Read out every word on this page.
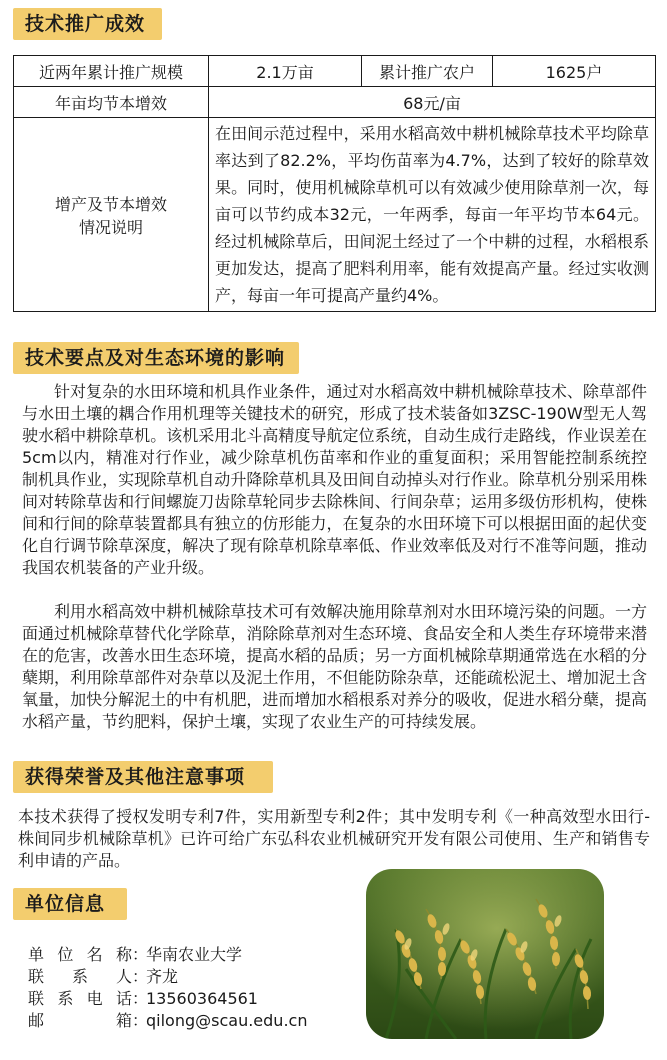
技术推广成效
近两年累计推广规模	2.1万亩	累计推广农户	1625户
年亩均节本增效	68元/亩		

增产及节本增效
情况说明	在田间示范过程中，采用水稻高效中耕机械除草技术平均除草率达到了82.2%，平均伤苗率为4.7%，达到了较好的除草效果。同时，使用机械除草机可以有效减少使用除草剂一次，每亩可以节约成本32元，一年两季，每亩一年平均节本64元。经过机械除草后，田间泥土经过了一个中耕的过程，水稻根系更加发达，提高了肥料利用率，能有效提高产量。经过实收测产，每亩一年可提高产量约4%。		
技术要点及对生态环境的影响

针对复杂的水田环境和机具作业条件，通过对水稻高效中耕机械除草技术、除草部件与水田土壤的耦合作用机理等关键技术的研究，形成了技术装备如3ZSC-190W型无人驾驶水稻中耕除草机。该机采用北斗高精度导航定位系统，自动生成行走路线，作业误差在5cm以内，精准对行作业，减少除草机伤苗率和作业的重复面积；采用智能控制系统控制机具作业，实现除草机自动升降除草机具及田间自动掉头对行作业。除草机分别采用株间对转除草齿和行间螺旋刀齿除草轮同步去除株间、行间杂草；运用多级仿形机构，使株间和行间的除草装置都具有独立的仿形能力，在复杂的水田环境下可以根据田面的起伏变化自行调节除草深度，解决了现有除草机除草率低、作业效率低及对行不准等问题，推动我国农机装备的产业升级。

利用水稻高效中耕机械除草技术可有效解决施用除草剂对水田环境污染的问题。一方面通过机械除草替代化学除草，消除除草剂对生态环境、食品安全和人类生存环境带来潜在的危害，改善水田生态环境，提高水稻的品质；另一方面机械除草期通常选在水稻的分蘖期，利用除草部件对杂草以及泥土作用，不但能防除杂草，还能疏松泥土、增加泥土含氧量，加快分解泥土的中有机肥，进而增加水稻根系对养分的吸收，促进水稻分蘖，提高水稻产量，节约肥料，保护土壤，实现了农业生产的可持续发展。

获得荣誉及其他注意事项

本技术获得了授权发明专利7件，实用新型专利2件；其中发明专利《一种高效型水田行-株间同步机械除草机》已许可给广东弘科农业机械研究开发有限公司使用、生产和销售专利申请的产品。

单位信息
单位名称：华南农业大学
联系人：齐龙
联系电话：13560364561
邮箱：qilong@scau.edu.cn
